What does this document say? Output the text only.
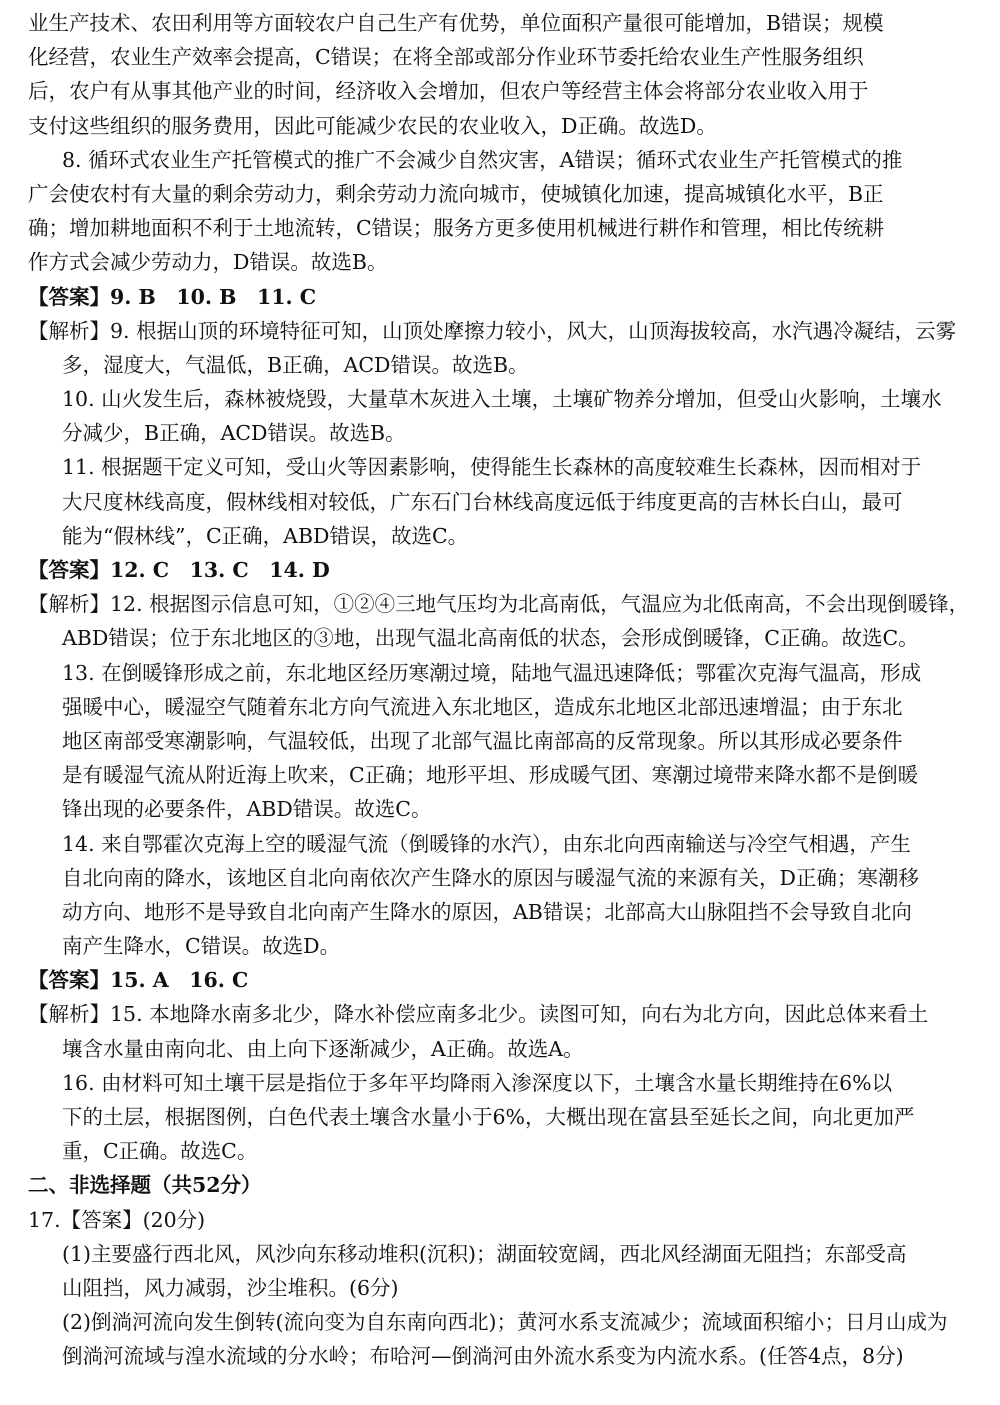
业生产技术、农田利用等方面较农户自己生产有优势，单位面积产量很可能增加，B错误；规模
化经营，农业生产效率会提高，C错误；在将全部或部分作业环节委托给农业生产性服务组织
后，农户有从事其他产业的时间，经济收入会增加，但农户等经营主体会将部分农业收入用于
支付这些组织的服务费用，因此可能减少农民的农业收入，D正确。故选D。
8. 循环式农业生产托管模式的推广不会减少自然灾害，A错误；循环式农业生产托管模式的推
广会使农村有大量的剩余劳动力，剩余劳动力流向城市，使城镇化加速，提高城镇化水平，B正
确；增加耕地面积不利于土地流转，C错误；服务方更多使用机械进行耕作和管理，相比传统耕
作方式会减少劳动力，D错误。故选B。
【答案】9. B　10. B　11. C
【解析】9. 根据山顶的环境特征可知，山顶处摩擦力较小，风大，山顶海拔较高，水汽遇冷凝结，云雾
多，湿度大，气温低，B正确，ACD错误。故选B。
10. 山火发生后，森林被烧毁，大量草木灰进入土壤，土壤矿物养分增加，但受山火影响，土壤水
分减少，B正确，ACD错误。故选B。
11. 根据题干定义可知，受山火等因素影响，使得能生长森林的高度较难生长森林，因而相对于
大尺度林线高度，假林线相对较低，广东石门台林线高度远低于纬度更高的吉林长白山，最可
能为“假林线”，C正确，ABD错误，故选C。
【答案】12. C　13. C　14. D
【解析】12. 根据图示信息可知，①②④三地气压均为北高南低，气温应为北低南高，不会出现倒暖锋，
ABD错误；位于东北地区的③地，出现气温北高南低的状态，会形成倒暖锋，C正确。故选C。
13. 在倒暖锋形成之前，东北地区经历寒潮过境，陆地气温迅速降低；鄂霍次克海气温高，形成
强暖中心，暖湿空气随着东北方向气流进入东北地区，造成东北地区北部迅速增温；由于东北
地区南部受寒潮影响，气温较低，出现了北部气温比南部高的反常现象。所以其形成必要条件
是有暖湿气流从附近海上吹来，C正确；地形平坦、形成暖气团、寒潮过境带来降水都不是倒暖
锋出现的必要条件，ABD错误。故选C。
14. 来自鄂霍次克海上空的暖湿气流（倒暖锋的水汽），由东北向西南输送与冷空气相遇，产生
自北向南的降水，该地区自北向南依次产生降水的原因与暖湿气流的来源有关，D正确；寒潮移
动方向、地形不是导致自北向南产生降水的原因，AB错误；北部高大山脉阻挡不会导致自北向
南产生降水，C错误。故选D。
【答案】15. A　16. C
【解析】15. 本地降水南多北少，降水补偿应南多北少。读图可知，向右为北方向，因此总体来看土
壤含水量由南向北、由上向下逐渐减少，A正确。故选A。
16. 由材料可知土壤干层是指位于多年平均降雨入渗深度以下，土壤含水量长期维持在6%以
下的土层，根据图例，白色代表土壤含水量小于6%，大概出现在富县至延长之间，向北更加严
重，C正确。故选C。
二、非选择题（共52分）
17.【答案】(20分)
(1)主要盛行西北风，风沙向东移动堆积(沉积)；湖面较宽阔，西北风经湖面无阻挡；东部受高
山阻挡，风力减弱，沙尘堆积。(6分)
(2)倒淌河流向发生倒转(流向变为自东南向西北)；黄河水系支流减少；流域面积缩小；日月山成为
倒淌河流域与湟水流域的分水岭；布哈河—倒淌河由外流水系变为内流水系。(任答4点，8分)
